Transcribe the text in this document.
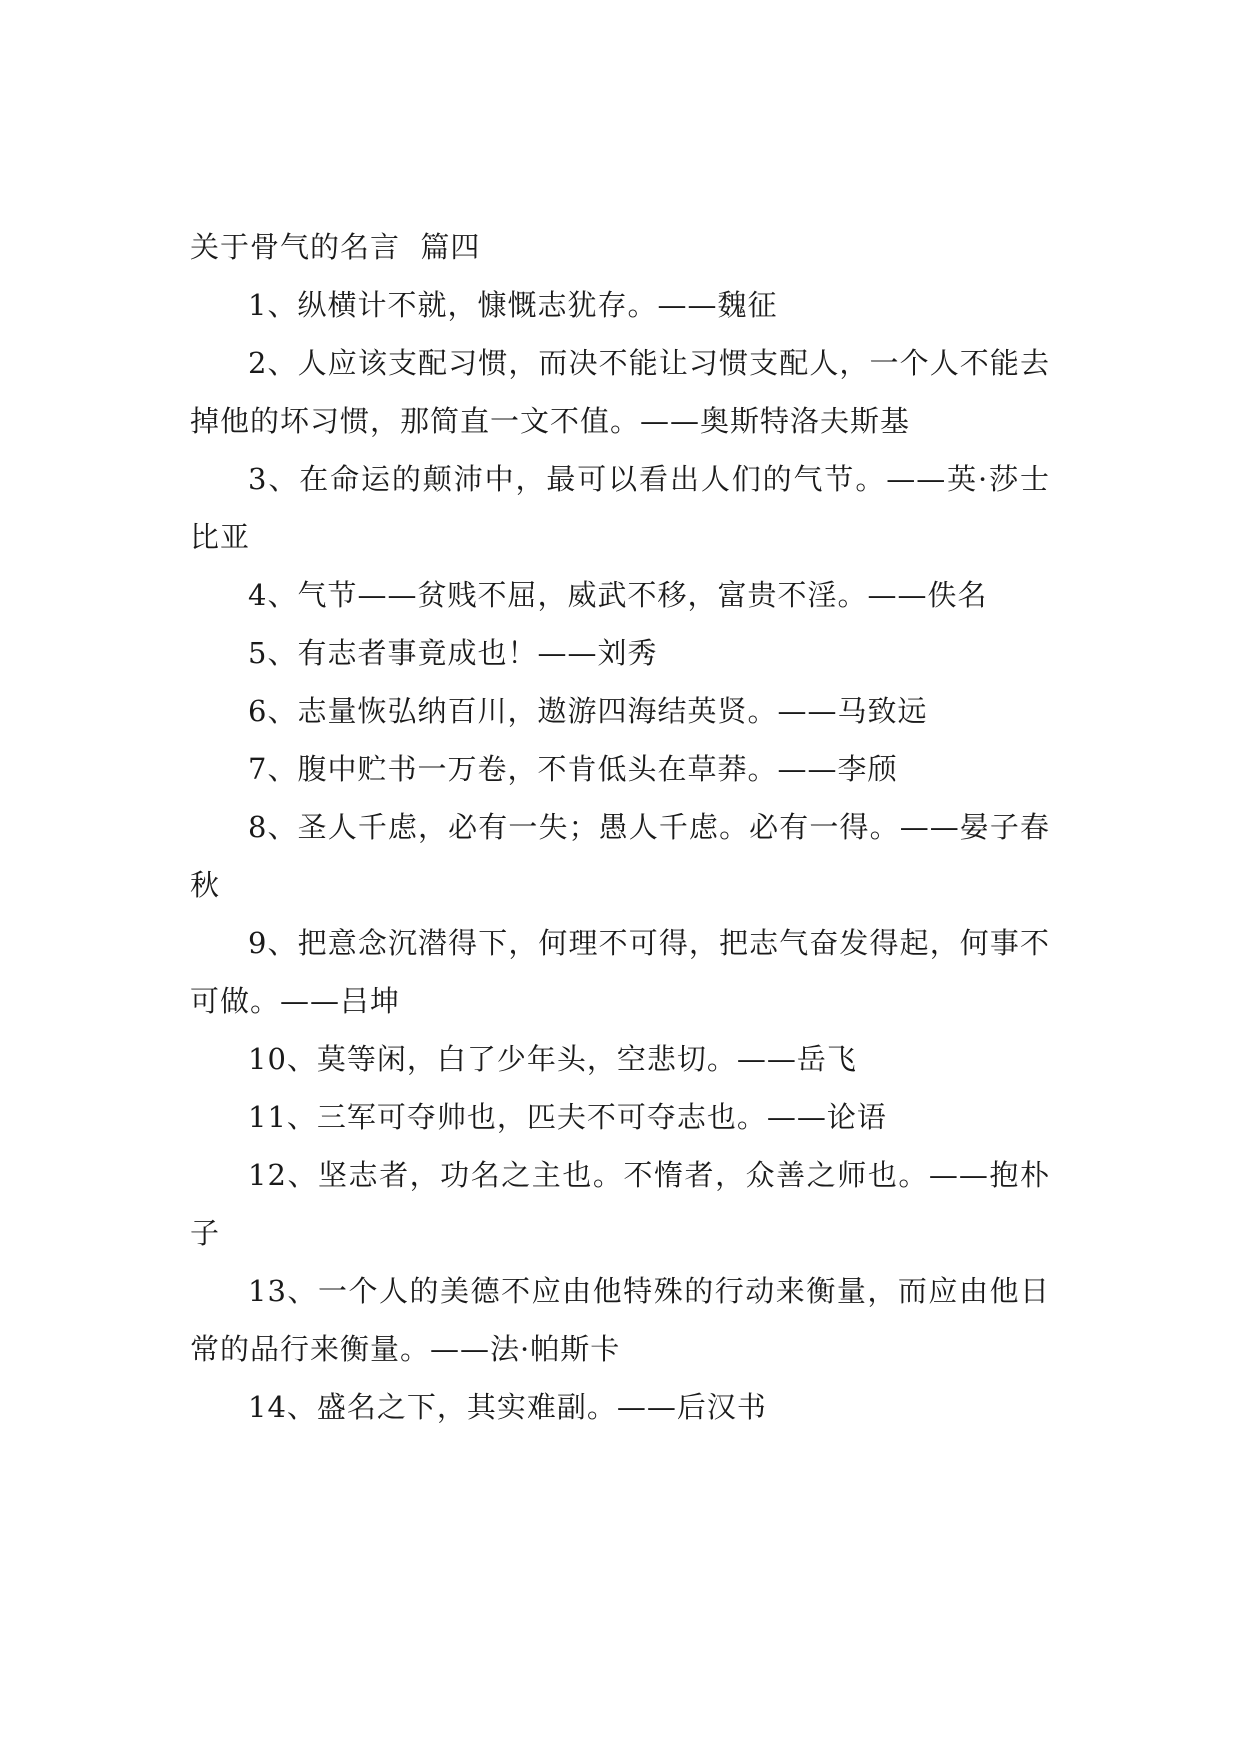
关于骨气的名言  篇四

1、纵横计不就，慷慨志犹存。——魏征

2、人应该支配习惯，而决不能让习惯支配人，一个人不能去掉他的坏习惯，那简直一文不值。——奥斯特洛夫斯基

3、在命运的颠沛中，最可以看出人们的气节。——英·莎士比亚

4、气节——贫贱不屈，威武不移，富贵不淫。——佚名

5、有志者事竟成也！——刘秀

6、志量恢弘纳百川，遨游四海结英贤。——马致远

7、腹中贮书一万卷，不肯低头在草莽。——李颀

8、圣人千虑，必有一失；愚人千虑。必有一得。——晏子春秋

9、把意念沉潜得下，何理不可得，把志气奋发得起，何事不可做。——吕坤

10、莫等闲，白了少年头，空悲切。——岳飞

11、三军可夺帅也，匹夫不可夺志也。——论语

12、坚志者，功名之主也。不惰者，众善之师也。——抱朴子

13、一个人的美德不应由他特殊的行动来衡量，而应由他日常的品行来衡量。——法·帕斯卡

14、盛名之下，其实难副。——后汉书
